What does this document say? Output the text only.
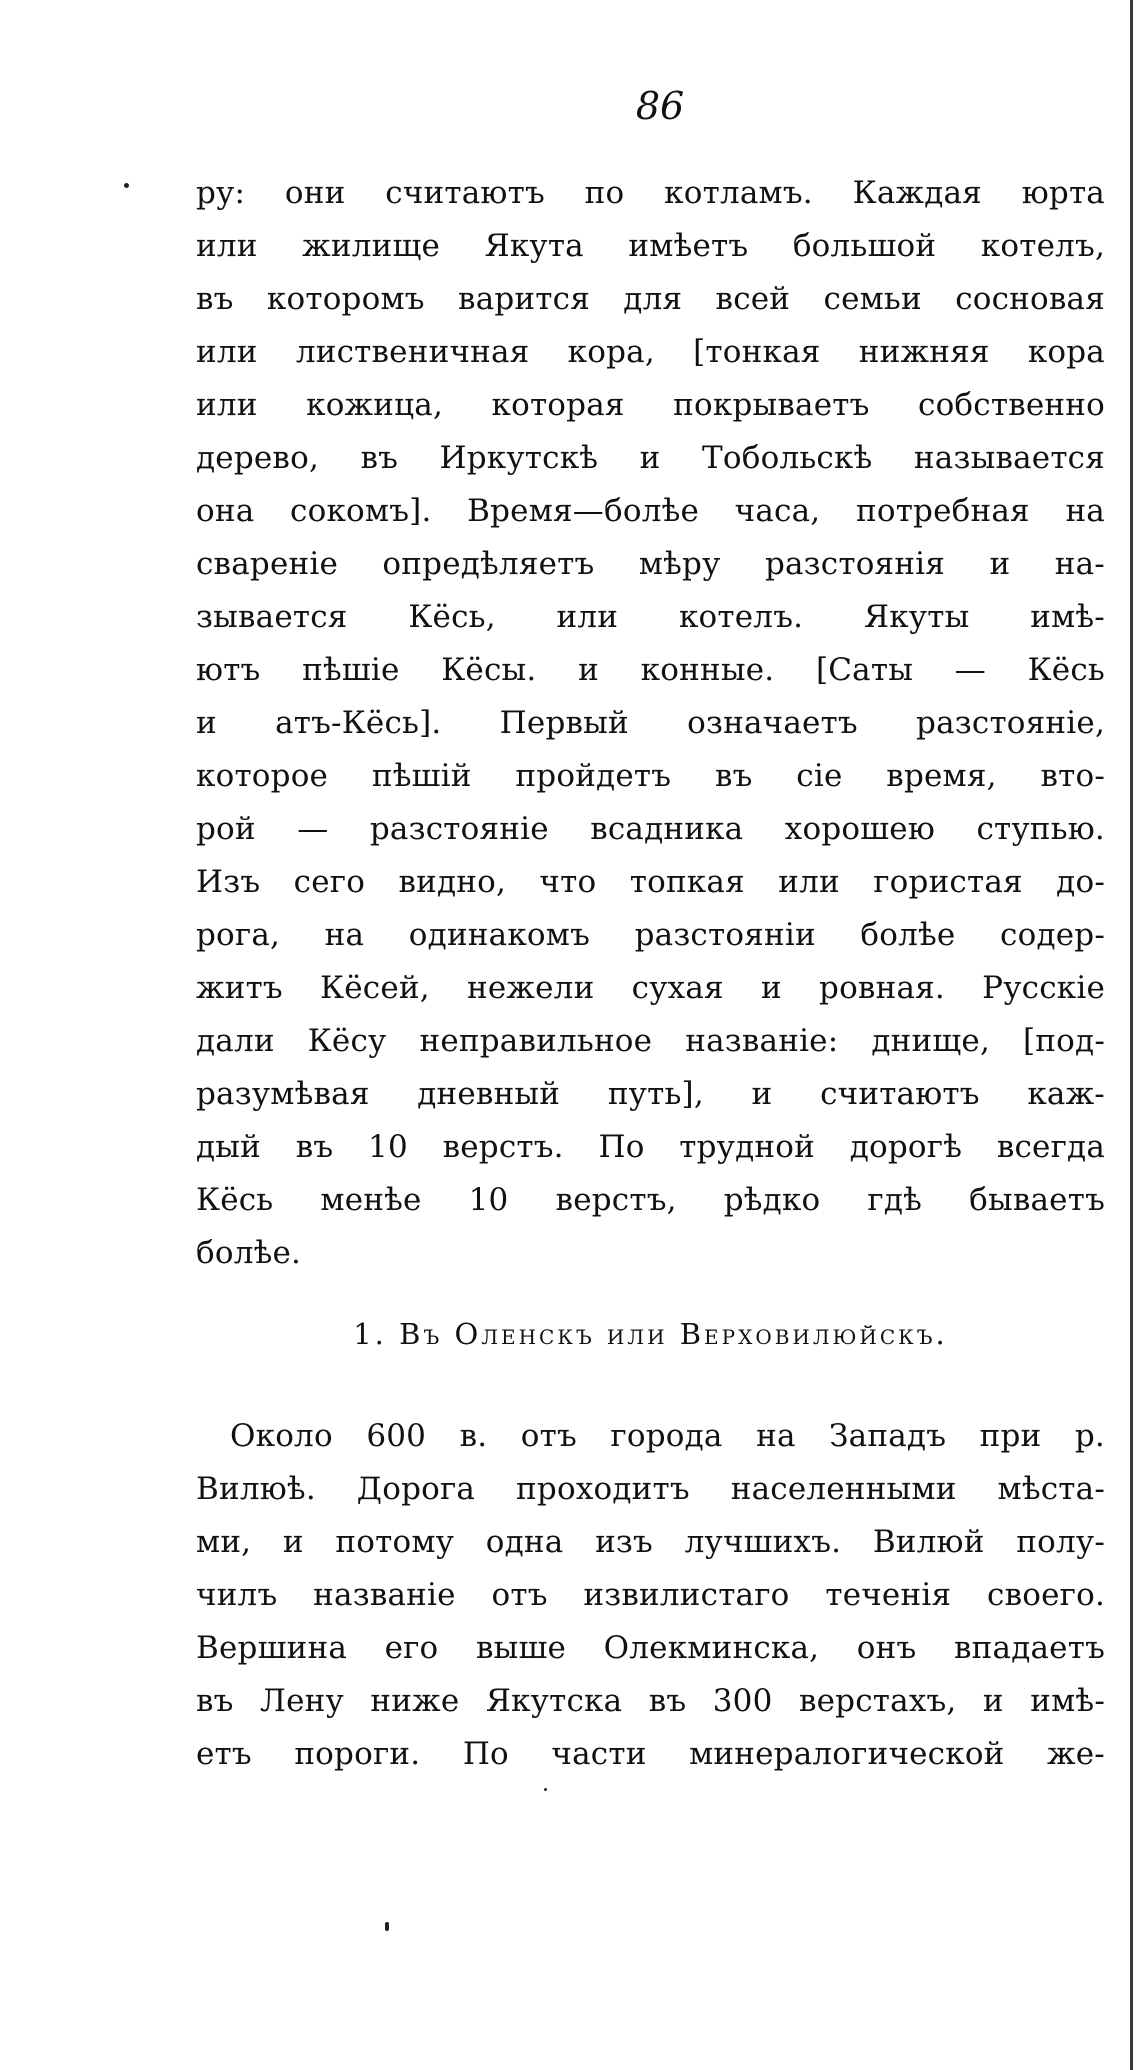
86
ру: они считаютъ по котламъ. Каждая юрта
или жилище Якута имѣетъ большой котелъ,
въ которомъ варится для всей семьи сосновая
или лиственичная кора, [тонкая нижняя кора
или кожица, которая покрываетъ собственно
дерево, въ Иркутскѣ и Тобольскѣ называется
она сокомъ]. Время—болѣе часа, потребная на
свареніе опредѣляетъ мѣру разстоянія и на-
зывается Кёсь, или котелъ. Якуты имѣ-
ютъ пѣшіе Кёсы. и конные. [Саты — Кёсь
и атъ-Кёсь]. Первый означаетъ разстояніе,
которое пѣшій пройдетъ въ сіе время, вто-
рой — разстояніе всадника хорошею ступью.
Изъ сего видно, что топкая или гористая до-
рога, на одинакомъ разстояніи болѣе содер-
житъ Кёсей, нежели сухая и ровная. Русскіе
дали Кёсу неправильное названіе: днище, [под-
разумѣвая дневный путь], и считаютъ каж-
дый въ 10 верстъ. По трудной дорогѣ всегда
Кёсь менѣе 10 верстъ, рѣдко гдѣ бываетъ
болѣе.
1. Въ Оленскъ или Верховилюйскъ.
Около 600 в. отъ города на Западъ при р.
Вилюѣ. Дорога проходитъ населенными мѣста-
ми, и потому одна изъ лучшихъ. Вилюй полу-
чилъ названіе отъ извилистаго теченія своего.
Вершина его выше Олекминска, онъ впадаетъ
въ Лену ниже Якутска въ 300 верстахъ, и имѣ-
етъ пороги. По части минералогической же-
